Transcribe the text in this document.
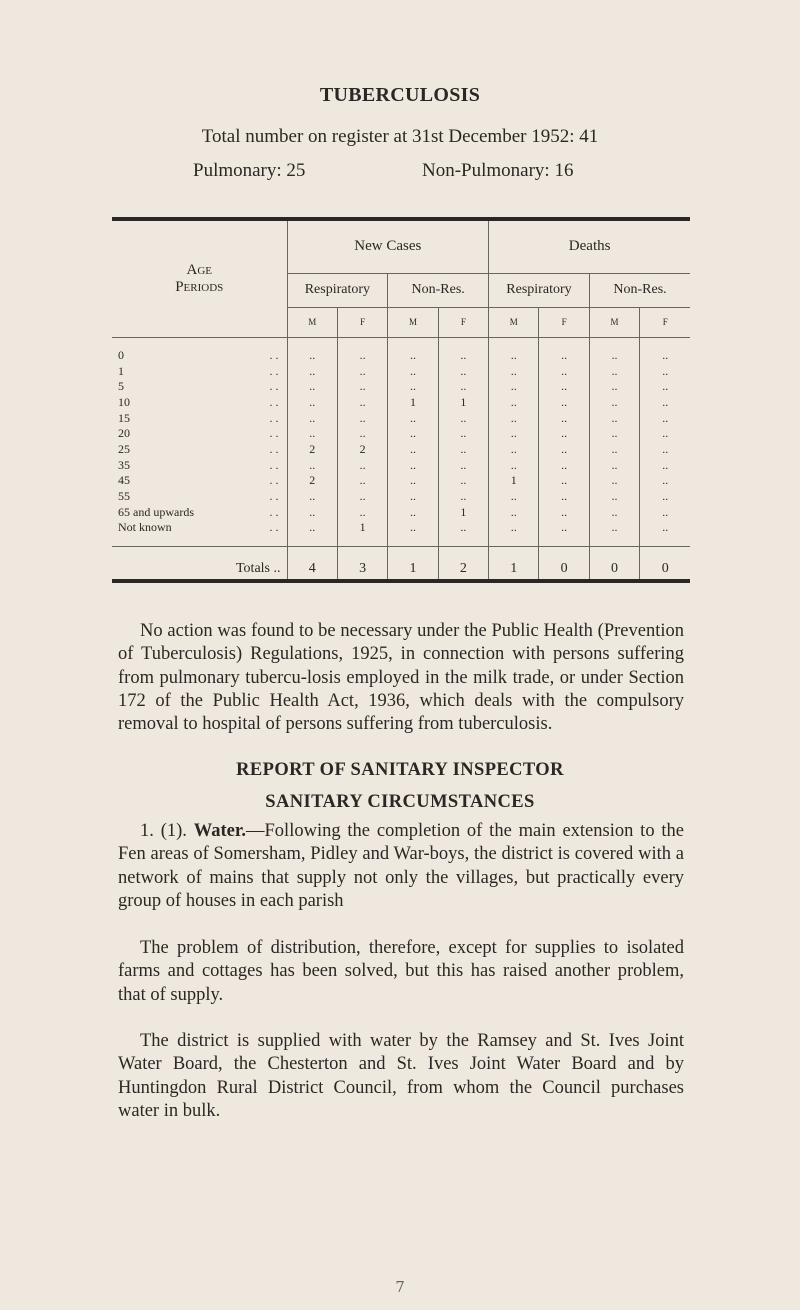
TUBERCULOSIS
Total number on register at 31st December 1952: 41
Pulmonary: 25	Non-Pulmonary: 16
Age
Periods	New Cases				Deaths			
	Respiratory		Non-Res.		Respiratory		Non-Res.	
	M	F	M	F	M	F	M	F
0 . .	..	..	..	..	..	..	..	..
1 . .	..	..	..	..	..	..	..	..
5 . .	..	..	..	..	..	..	..	..
10 . .	..	..	1	1	..	..	..	..
15 . .	..	..	..	..	..	..	..	..
20 . .	..	..	..	..	..	..	..	..
25 . .	2	2	..	..	..	..	..	..
35 . .	..	..	..	..	..	..	..	..
45 . .	2	..	..	..	1	..	..	..
55 . .	..	..	..	..	..	..	..	..
65 and upwards . .	..	..	..	1	..	..	..	..
Not known . .	..	1	..	..	..	..	..	..
Totals ..	4	3	1	2	1	0	0	0
No action was found to be necessary under the Public Health (Prevention of Tuberculosis) Regulations, 1925, in connection with persons suffering from pulmonary tubercu-losis employed in the milk trade, or under Section 172 of the Public Health Act, 1936, which deals with the compulsory removal to hospital of persons suffering from tuberculosis.
REPORT OF SANITARY INSPECTOR
SANITARY CIRCUMSTANCES
1. (1). Water.—Following the completion of the main extension to the Fen areas of Somersham, Pidley and War-boys, the district is covered with a network of mains that supply not only the villages, but practically every group of houses in each parish
The problem of distribution, therefore, except for supplies to isolated farms and cottages has been solved, but this has raised another problem, that of supply.
The district is supplied with water by the Ramsey and St. Ives Joint Water Board, the Chesterton and St. Ives Joint Water Board and by Huntingdon Rural District Council, from whom the Council purchases water in bulk.
7
